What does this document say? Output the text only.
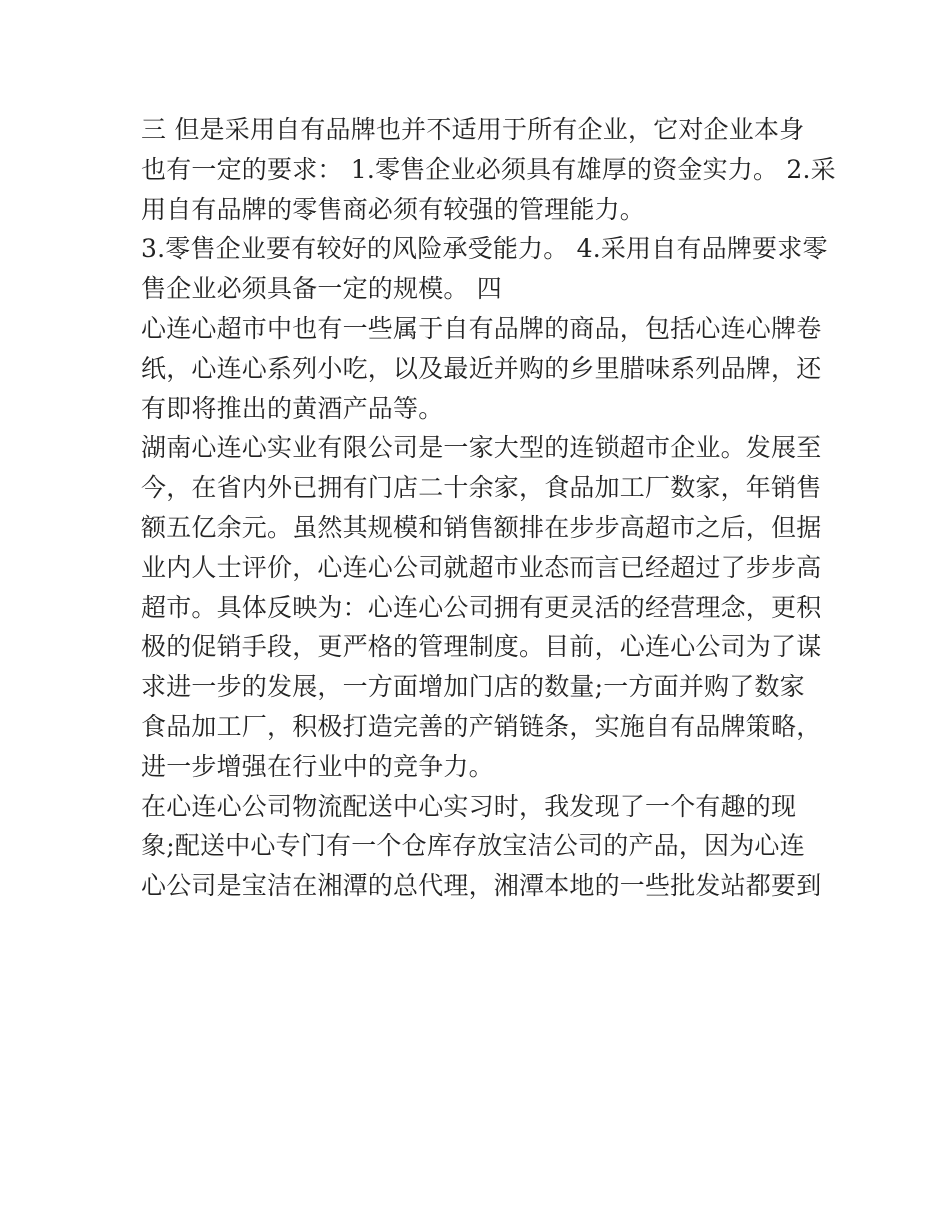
三 但是采用自有品牌也并不适用于所有企业，它对企业本身
也有一定的要求： 1.零售企业必须具有雄厚的资金实力。 2.采
用自有品牌的零售商必须有较强的管理能力。

3.零售企业要有较好的风险承受能力。 4.采用自有品牌要求零
售企业必须具备一定的规模。 四

心连心超市中也有一些属于自有品牌的商品，包括心连心牌卷
纸，心连心系列小吃，以及最近并购的乡里腊味系列品牌，还
有即将推出的黄酒产品等。

湖南心连心实业有限公司是一家大型的连锁超市企业。发展至
今，在省内外已拥有门店二十余家，食品加工厂数家，年销售
额五亿余元。虽然其规模和销售额排在步步高超市之后，但据
业内人士评价，心连心公司就超市业态而言已经超过了步步高
超市。具体反映为：心连心公司拥有更灵活的经营理念，更积
极的促销手段，更严格的管理制度。目前，心连心公司为了谋
求进一步的发展，一方面增加门店的数量;一方面并购了数家
食品加工厂，积极打造完善的产销链条，实施自有品牌策略，
进一步增强在行业中的竞争力。

在心连心公司物流配送中心实习时，我发现了一个有趣的现
象;配送中心专门有一个仓库存放宝洁公司的产品，因为心连
心公司是宝洁在湘潭的总代理，湘潭本地的一些批发站都要到
